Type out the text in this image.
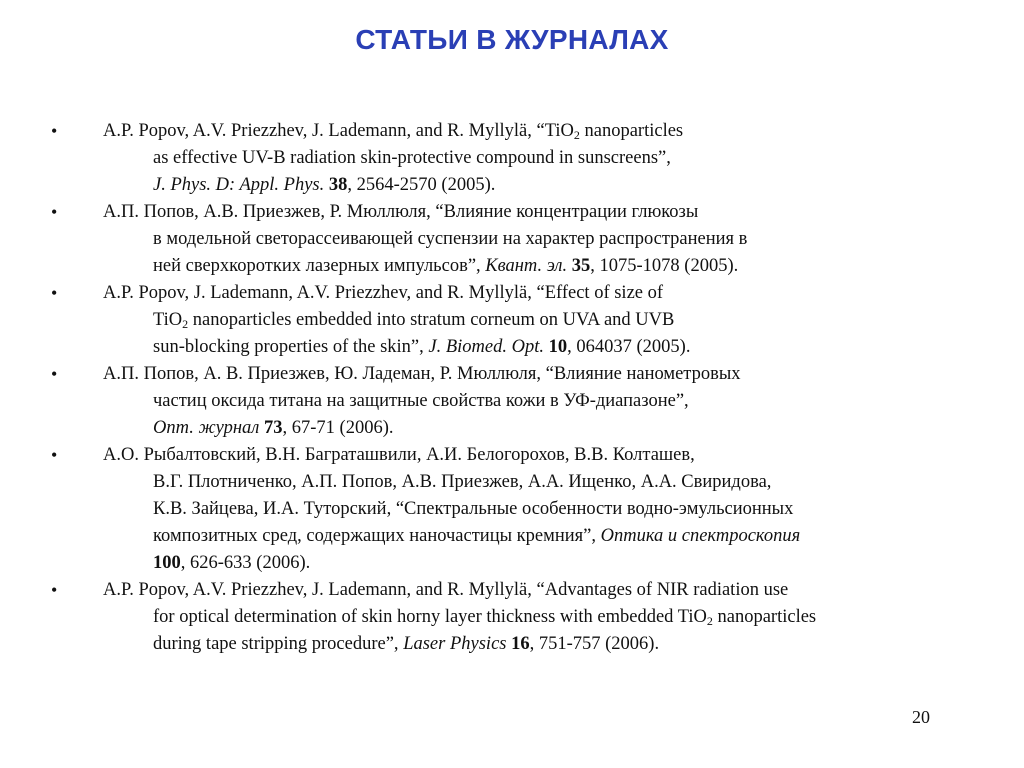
СТАТЬИ В ЖУРНАЛАХ
•	A.P. Popov, A.V. Priezzhev, J. Lademann, and R. Myllylä, “TiO$_2$ nanoparticles
as effective UV-B radiation skin-protective compound in sunscreens”,
J. Phys. D: Appl. Phys. 38, 2564-2570 (2005).
•	А.П. Попов, А.В. Приезжев, Р. Мюллюля, “Влияние концентрации глюкозы
в модельной светорассеивающей суспензии на характер распространения в
ней сверхкоротких лазерных импульсов”, Квант. эл. 35, 1075-1078 (2005).
•	A.P. Popov, J. Lademann, A.V. Priezzhev, and R. Myllylä, “Effect of size of
TiO$_2$ nanoparticles embedded into stratum corneum on UVA and UVB
sun-blocking properties of the skin”, J. Biomed. Opt. 10, 064037 (2005).
•	А.П. Попов, А. В. Приезжев, Ю. Ладеман, Р. Мюллюля, “Влияние нанометровых
частиц оксида титана на защитные свойства кожи в УФ-диапазоне”,
Опт. журнал 73, 67-71 (2006).
•	А.О. Рыбалтовский, В.Н. Баграташвили, А.И. Белогорохов, В.В. Колташев,
В.Г. Плотниченко, А.П. Попов, А.В. Приезжев, А.А. Ищенко, А.А. Свиридова,
К.В. Зайцева, И.А. Туторский, “Спектральные особенности водно-эмульсионных
композитных сред, содержащих наночастицы кремния”, Оптика и спектроскопия
100, 626-633 (2006).
•	A.P. Popov, A.V. Priezzhev, J. Lademann, and R. Myllylä, “Advantages of NIR radiation use
for optical determination of skin horny layer thickness with embedded TiO$_2$ nanoparticles
during tape stripping procedure”, Laser Physics 16, 751-757 (2006).
20
